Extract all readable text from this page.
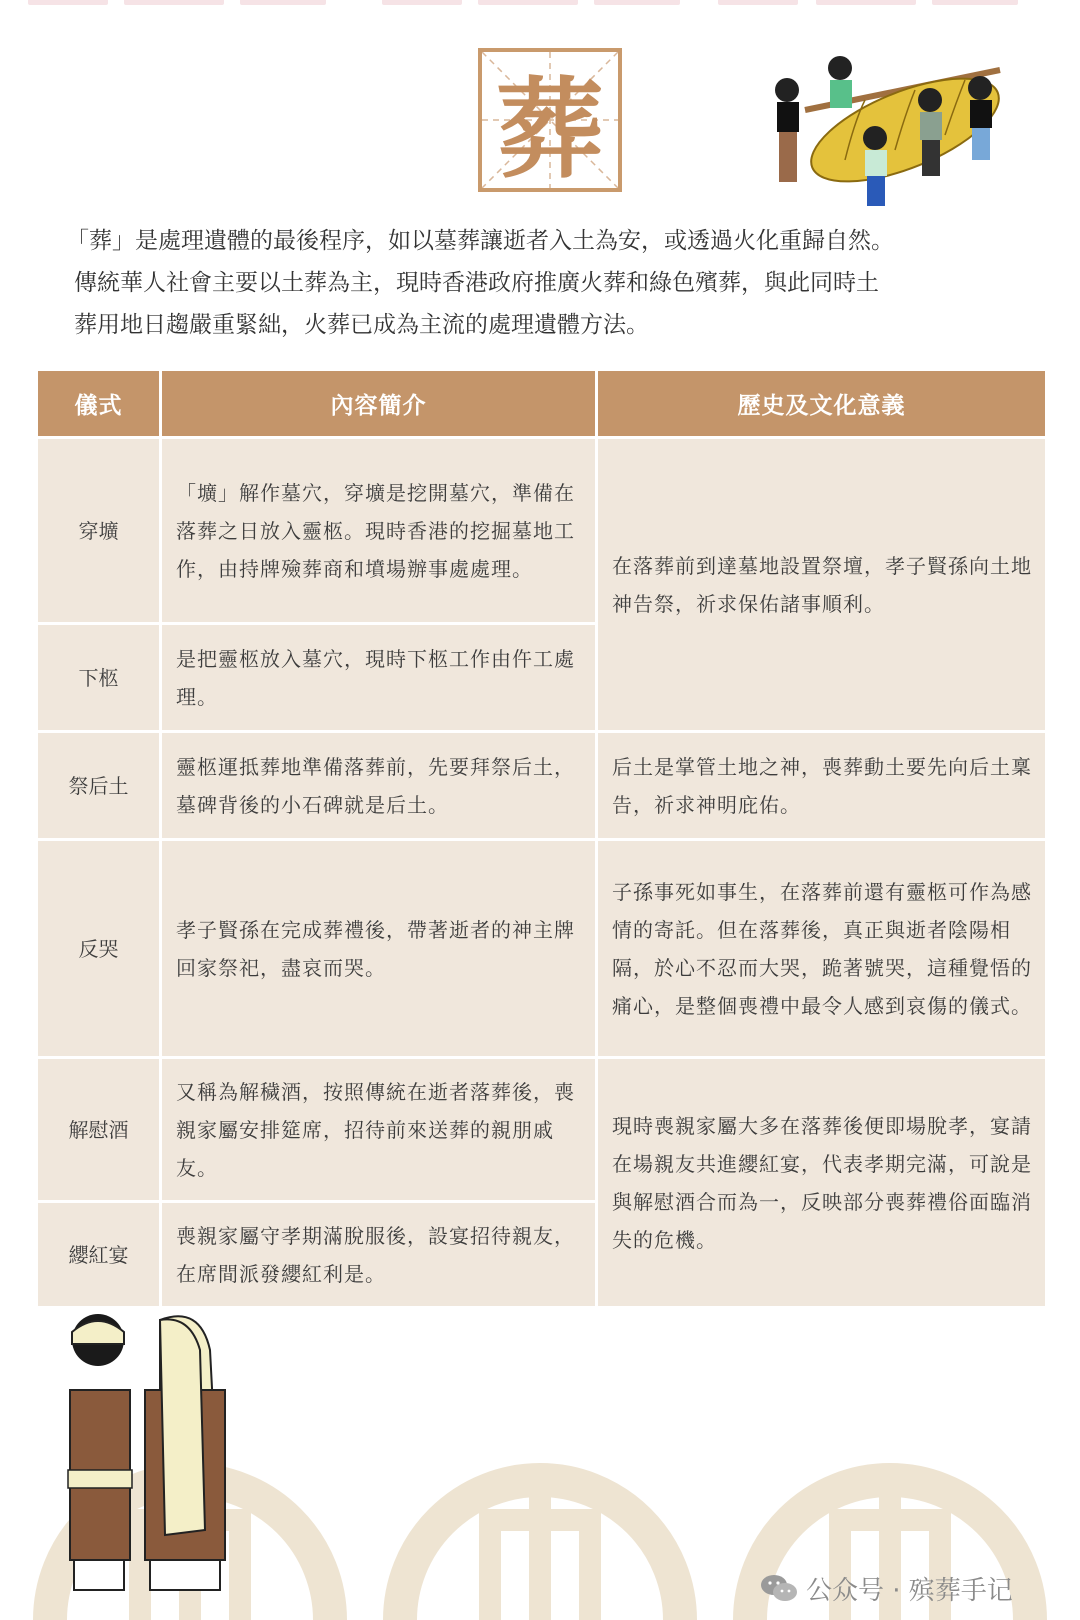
葬

「葬」是處理遺體的最後程序，如以墓葬讓逝者入土為安，或透過火化重歸自然。

傳統華人社會主要以土葬為主，現時香港政府推廣火葬和綠色殯葬，與此同時土

葬用地日趨嚴重緊絀，火葬已成為主流的處理遺體方法。

儀式	內容簡介	歷史及文化意義
穿壙	「壙」解作墓穴，穿壙是挖開墓穴，準備在落葬之日放入靈柩。現時香港的挖掘墓地工作，由持牌殮葬商和墳場辦事處處理。	在落葬前到達墓地設置祭壇，孝子賢孫向土地神告祭，祈求保佑諸事順利。
下柩	是把靈柩放入墓穴，現時下柩工作由仵工處理。	
祭后土	靈柩運抵葬地準備落葬前，先要拜祭后土，墓碑背後的小石碑就是后土。	后土是掌管土地之神，喪葬動土要先向后土稟告，祈求神明庇佑。
反哭	孝子賢孫在完成葬禮後，帶著逝者的神主牌回家祭祀，盡哀而哭。	子孫事死如事生，在落葬前還有靈柩可作為感情的寄託。但在落葬後，真正與逝者陰陽相隔，於心不忍而大哭，跪著號哭，這種覺悟的痛心，是整個喪禮中最令人感到哀傷的儀式。
解慰酒	又稱為解穢酒，按照傳統在逝者落葬後，喪親家屬安排筵席，招待前來送葬的親朋戚友。	現時喪親家屬大多在落葬後便即場脫孝，宴請在場親友共進纓紅宴，代表孝期完滿，可說是與解慰酒合而為一，反映部分喪葬禮俗面臨消失的危機。
纓紅宴	喪親家屬守孝期滿脫服後，設宴招待親友，在席間派發纓紅利是。	
公众号 · 殡葬手记
